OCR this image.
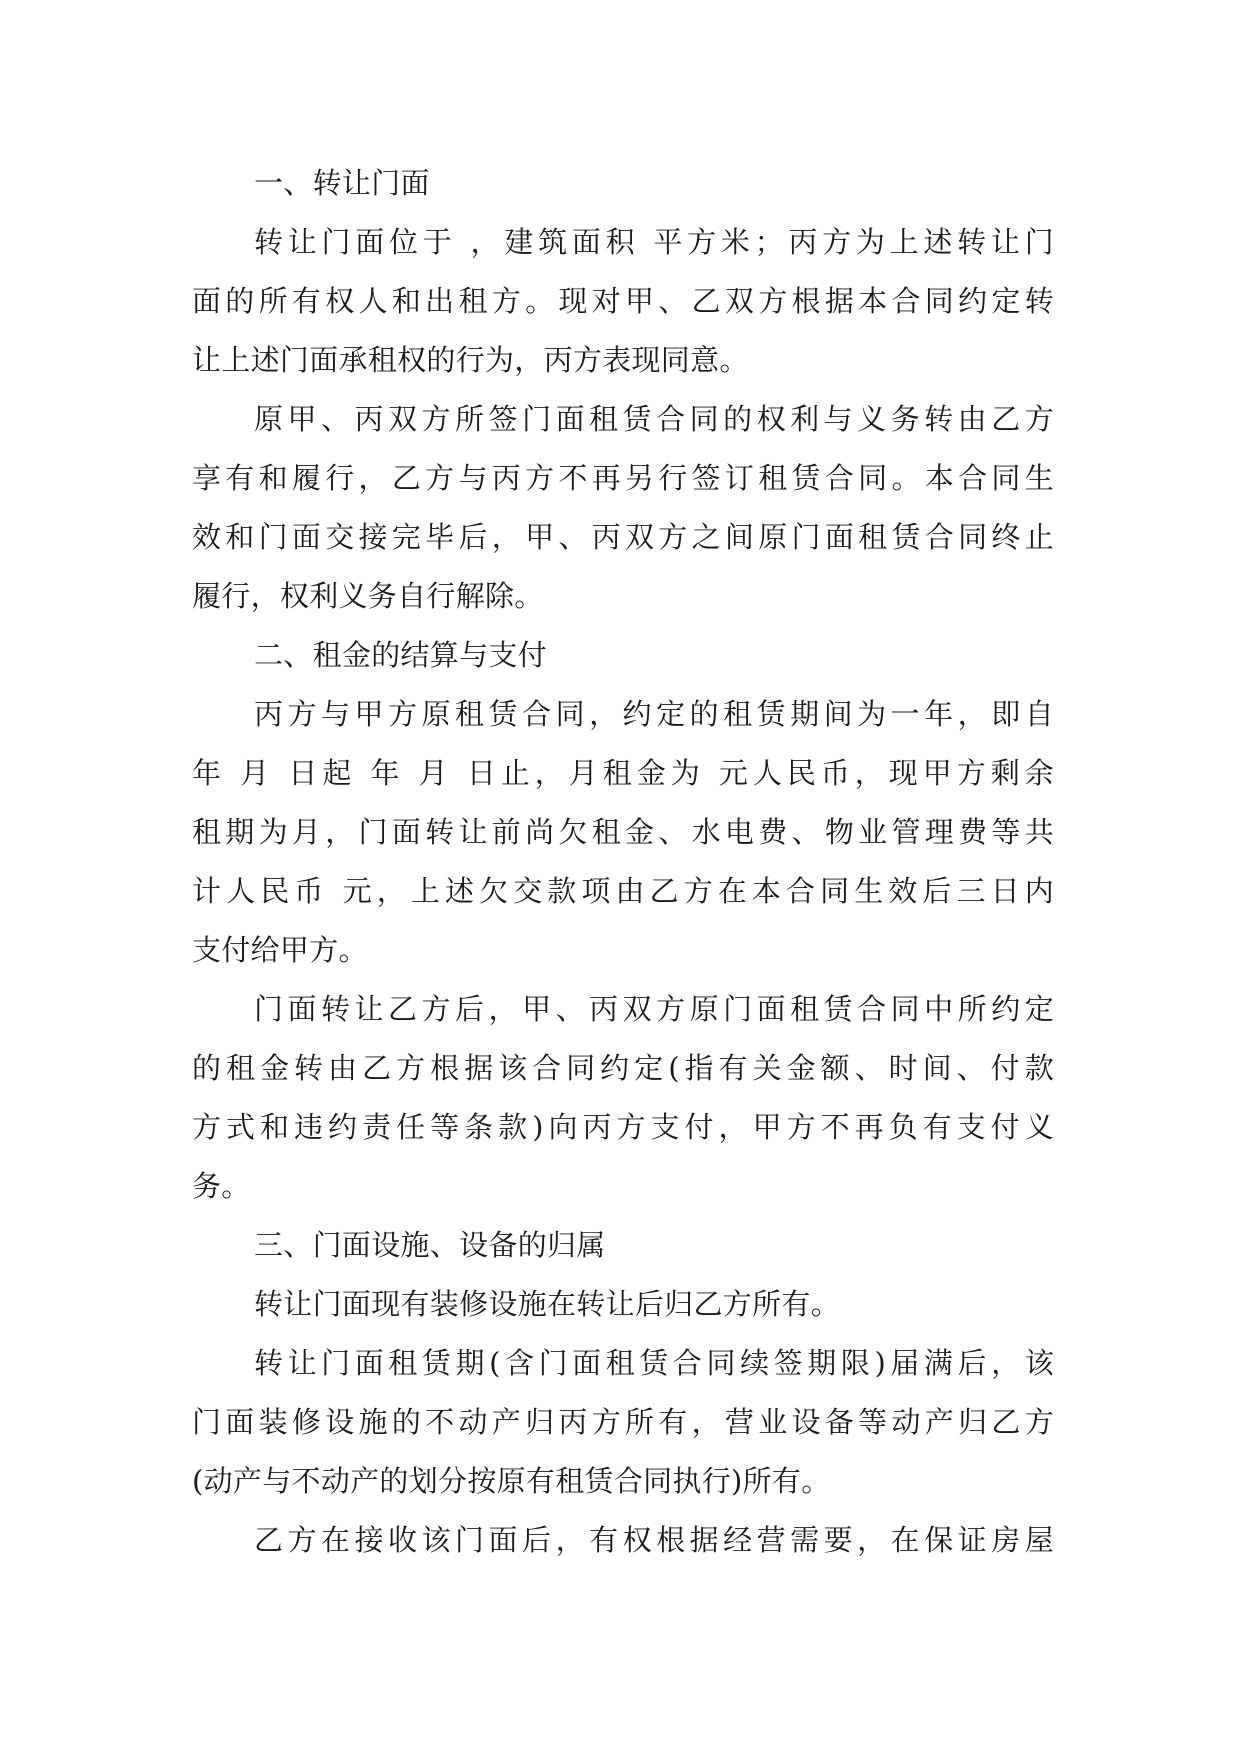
一、转让门面
转让门面位于 ，建筑面积 平方米；丙方为上述转让门
面的所有权人和出租方。现对甲、乙双方根据本合同约定转
让上述门面承租权的行为，丙方表现同意。
原甲、丙双方所签门面租赁合同的权利与义务转由乙方
享有和履行，乙方与丙方不再另行签订租赁合同。本合同生
效和门面交接完毕后，甲、丙双方之间原门面租赁合同终止
履行，权利义务自行解除。
二、租金的结算与支付
丙方与甲方原租赁合同，约定的租赁期间为一年，即自
年 月 日起 年 月 日止，月租金为 元人民币，现甲方剩余
租期为月，门面转让前尚欠租金、水电费、物业管理费等共
计人民币 元，上述欠交款项由乙方在本合同生效后三日内
支付给甲方。
门面转让乙方后，甲、丙双方原门面租赁合同中所约定
的租金转由乙方根据该合同约定(指有关金额、时间、付款
方式和违约责任等条款)向丙方支付，甲方不再负有支付义
务。
三、门面设施、设备的归属
转让门面现有装修设施在转让后归乙方所有。
转让门面租赁期(含门面租赁合同续签期限)届满后，该
门面装修设施的不动产归丙方所有，营业设备等动产归乙方
(动产与不动产的划分按原有租赁合同执行)所有。
乙方在接收该门面后，有权根据经营需要，在保证房屋
